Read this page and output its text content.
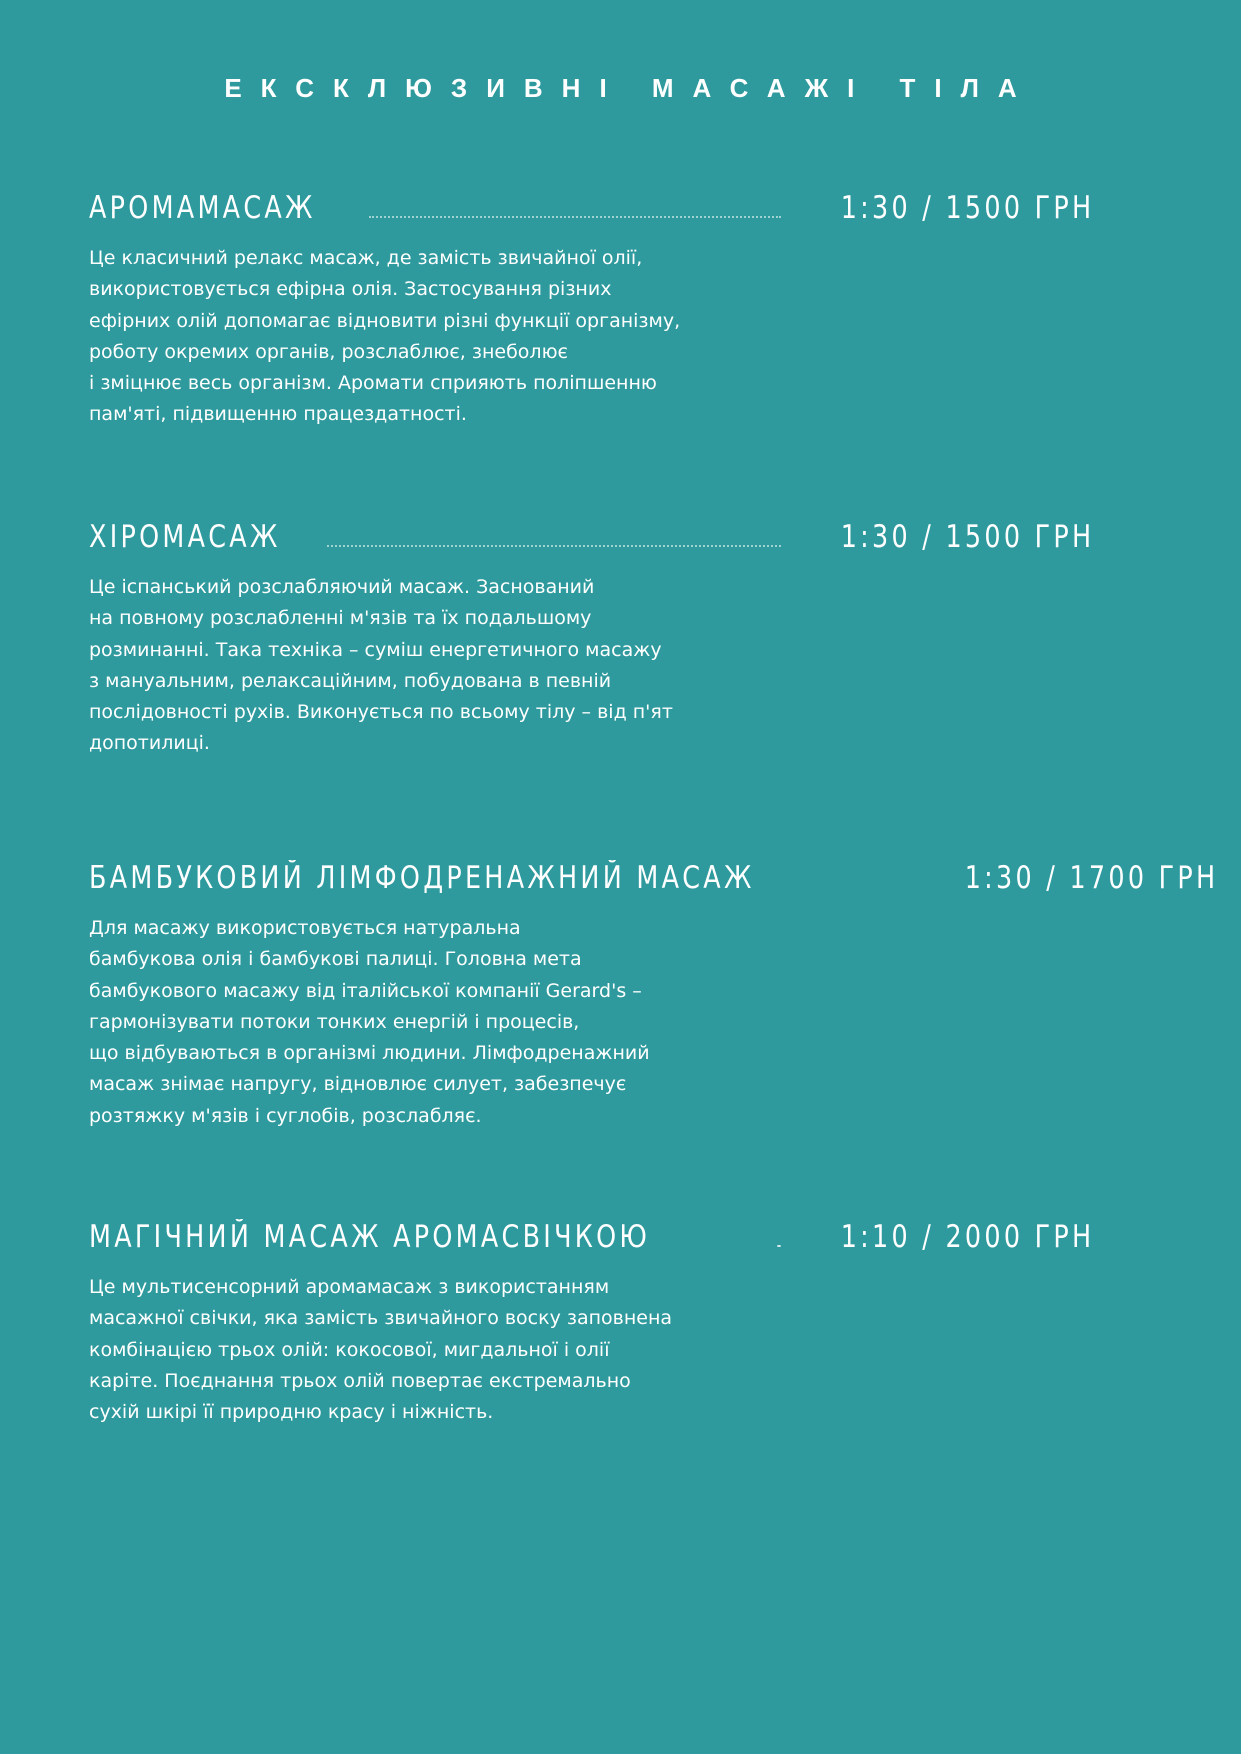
ЕКСКЛЮЗИВНІ МАСАЖІ ТІЛА
АРОМАМАСАЖ	1:30 / 1500 ГРН
Це класичний релакс масаж, де замість звичайної олії,
використовується ефірна олія. Застосування різних
ефірних олій допомагає відновити різні функції організму,
роботу окремих органів, розслаблює, знеболює
і зміцнює весь організм. Аромати сприяють поліпшенню
пам'яті, підвищенню працездатності.
ХІРОМАСАЖ	1:30 / 1500 ГРН
Це іспанський розслабляючий масаж. Заснований
на повному розслабленні м'язів та їх подальшому
розминанні. Така техніка – суміш енергетичного масажу
з мануальним, релаксаційним, побудована в певній
послідовності рухів. Виконується по всьому тілу – від п'ят
допотилиці.
БАМБУКОВИЙ ЛІМФОДРЕНАЖНИЙ МАСАЖ	1:30 / 1700 ГРН
Для масажу використовується натуральна
бамбукова олія і бамбукові палиці. Головна мета
бамбукового масажу від італійської компанії Gerard's –
гармонізувати потоки тонких енергій і процесів,
що відбуваються в організмі людини. Лімфодренажний
масаж знімає напругу, відновлює силует, забезпечує
розтяжку м'язів і суглобів, розслабляє.
МАГІЧНИЙ МАСАЖ АРОМАСВІЧКОЮ	1:10 / 2000 ГРН
Це мультисенсорний аромамасаж з використанням
масажної свічки, яка замість звичайного воску заповнена
комбінацією трьох олій: кокосової, мигдальної і олії
каріте. Поєднання трьох олій повертає екстремально
сухій шкірі її природню красу і ніжність.
